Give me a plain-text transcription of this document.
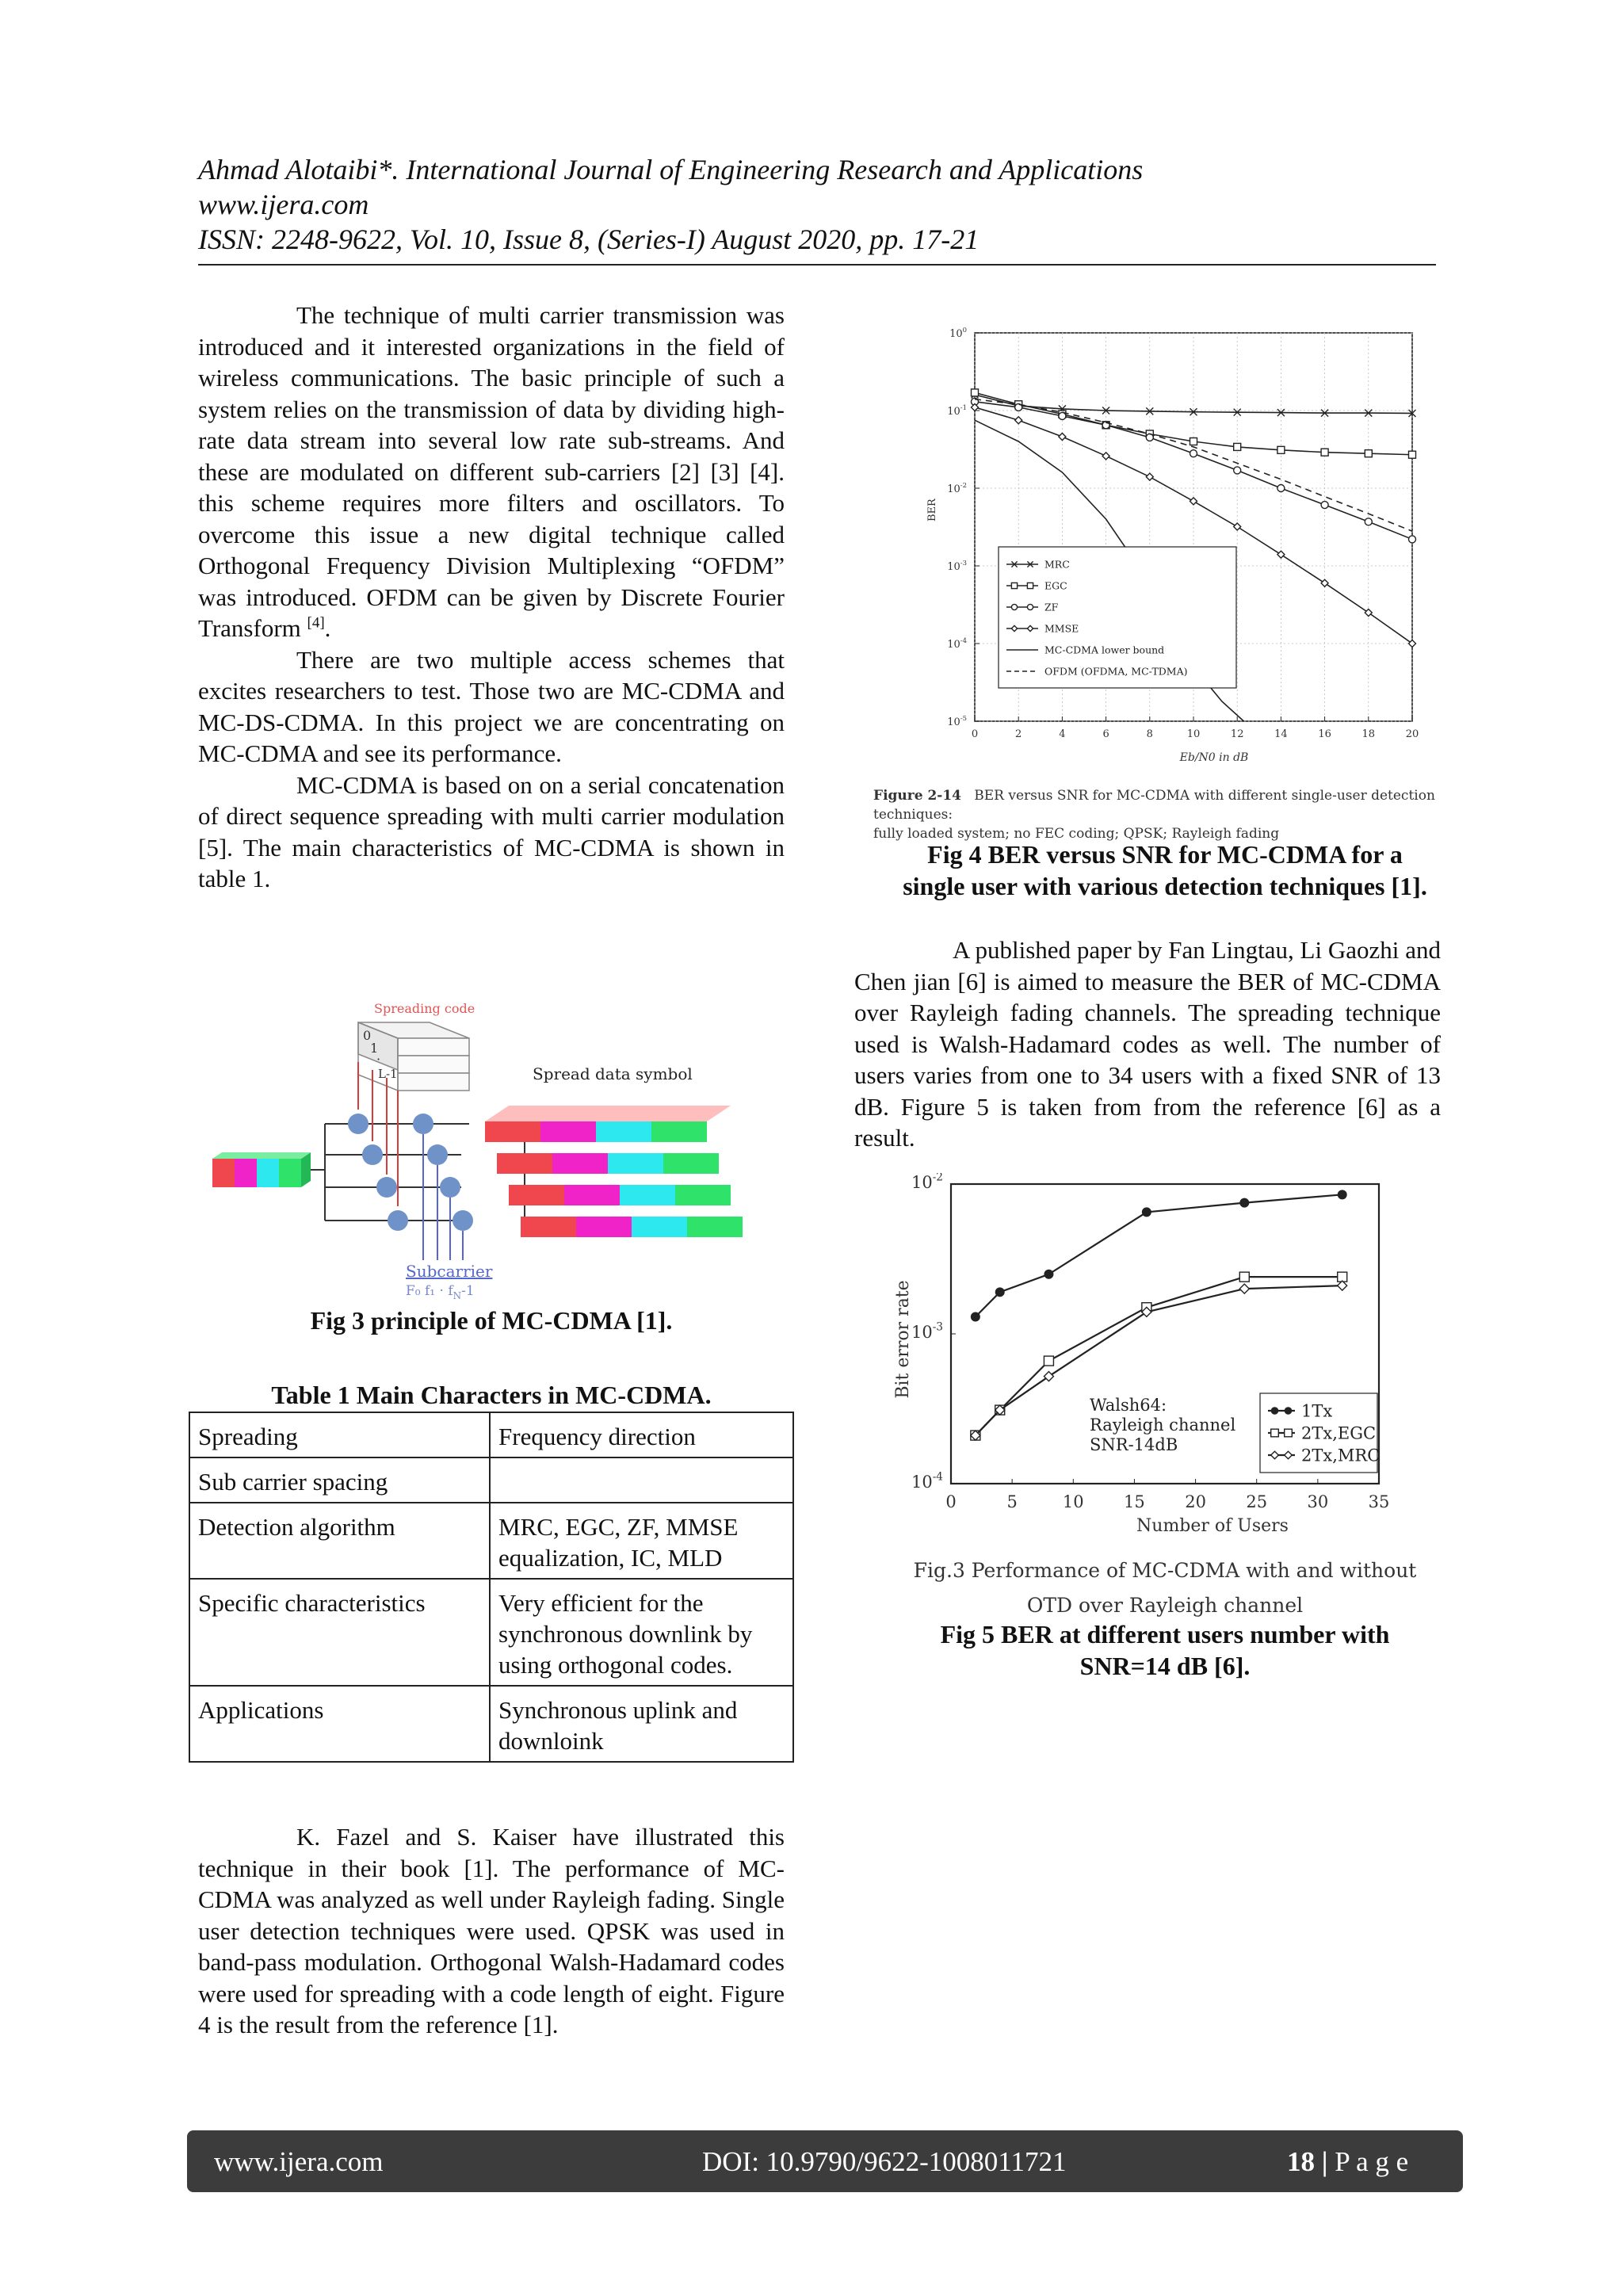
Ahmad Alotaibi*. International Journal of Engineering Research and Applications
www.ijera.com
ISSN: 2248-9622, Vol. 10, Issue 8, (Series-I) August 2020, pp. 17-21

The technique of multi carrier transmission was introduced and it interested organizations in the field of wireless communications. The basic principle of such a system relies on the transmission of data by dividing high-rate data stream into several low rate sub-streams. And these are modulated on different sub-carriers [2] [3] [4]. this scheme requires more filters and oscillators. To overcome this issue a new digital technique called Orthogonal Frequency Division Multiplexing “OFDM” was introduced. OFDM can be given by Discrete Fourier Transform [4].

There are two multiple access schemes that excites researchers to test. Those two are MC-CDMA and MC-DS-CDMA. In this project we are concentrating on MC-CDMA and see its performance.

MC-CDMA is based on on a serial concatenation of direct sequence spreading with multi carrier modulation [5]. The main characteristics of MC-CDMA is shown in table 1.

Spreading code
0
1
·
L-1	Spread data symbol
Subcarrier
F₀ $f_1 \cdot f_N-1$
Fig 3 principle of MC-CDMA [1].
Table 1 Main Characters in MC-CDMA.
Spreading	Frequency direction
Sub carrier spacing	
Detection algorithm	MRC, EGC, ZF, MMSE equalization, IC, MLD
Specific characteristics	Very efficient for the synchronous downlink by using orthogonal codes.
Applications	Synchronous uplink and downloink

K. Fazel and S. Kaiser have illustrated this technique in their book [1]. The performance of MC-CDMA was analyzed as well under Rayleigh fading. Single user detection techniques were used. QPSK was used in band-pass modulation. Orthogonal Walsh-Hadamard codes were used for spreading with a code length of eight. Figure 4 is the result from the reference [1].

0	2	4	6	8	10	12	14	16	18	20
$10^{-5}$
$10^{-4}$
$10^{-3}$
$10^{-2}$
$10^{-1}$
$10^0$
MRC
EGC
ZF
MMSE
MC-CDMA lower bound
OFDM (OFDMA, MC-TDMA)
BER
Eb/N0 in dB
Figure 2-14 BER versus SNR for MC-CDMA with different single-user detection techniques:
fully loaded system; no FEC coding; QPSK; Rayleigh fading
Fig 4 BER versus SNR for MC-CDMA for a
single user with various detection techniques [1].

A published paper by Fan Lingtau, Li Gaozhi and Chen jian [6] is aimed to measure the BER of MC-CDMA over Rayleigh fading channels. The spreading technique used is Walsh-Hadamard codes as well. The number of users varies from one to 34 users with a fixed SNR of 13 dB. Figure 5 is taken from from the reference [6] as a result.

0	5	10 15 20 25 30 35
$10^{-4}$
$10^{-3}$
$10^{-2}$
1Tx
2Tx,EGC
2Tx,MRC
Bit error rate
Number of Users
Walsh64:
Rayleigh channel
SNR-14dB
Fig.3 Performance of MC-CDMA with and without
OTD over Rayleigh channel
Fig 5 BER at different users number with
SNR=14 dB [6].
www.ijera.com	DOI: 10.9790/9622-1008011721	18 | P a g e
